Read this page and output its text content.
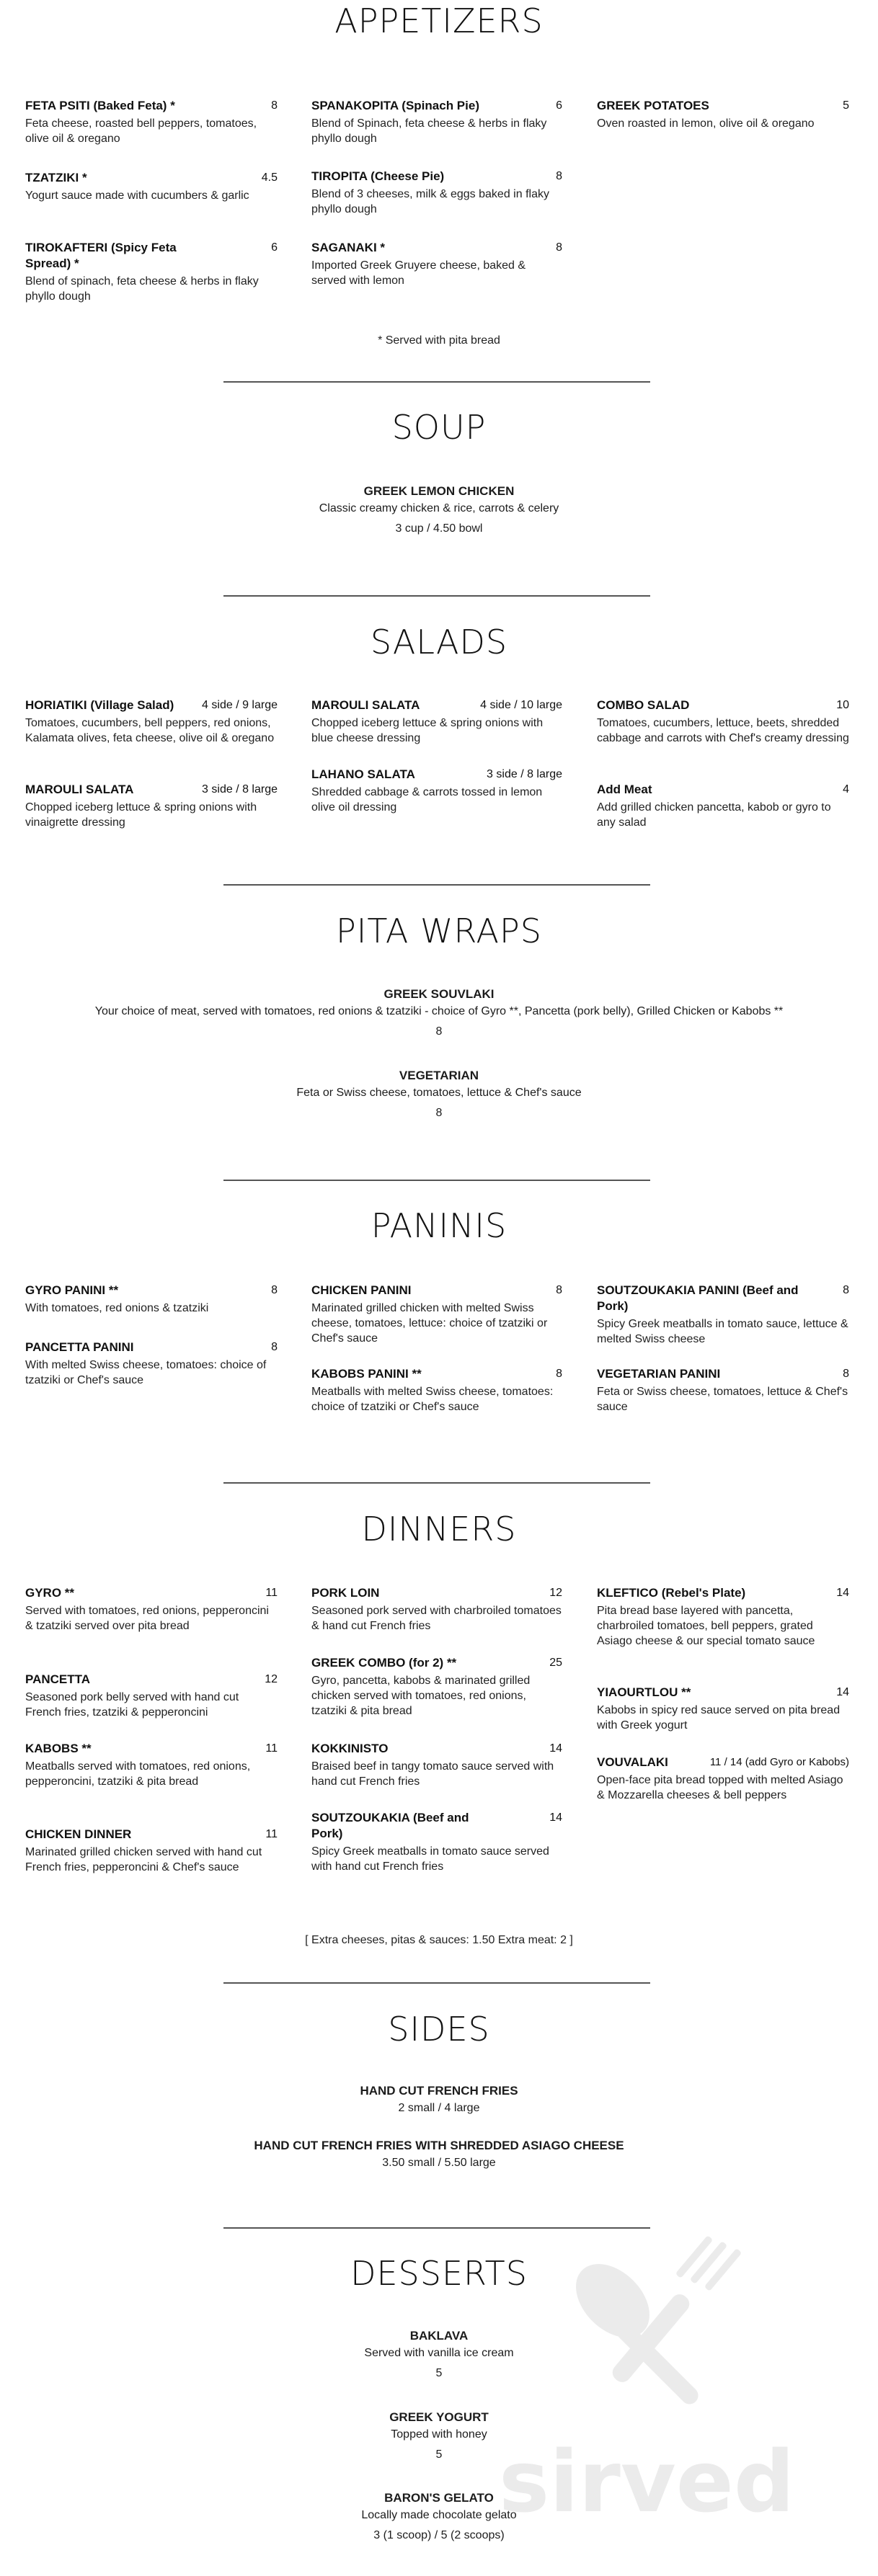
APPETIZERS
FETA PSITI (Baked Feta) *	8
Feta cheese, roasted bell peppers, tomatoes, olive oil & oregano
TZATZIKI *	4.5
Yogurt sauce made with cucumbers & garlic
TIROKAFTERI (Spicy Feta Spread) *
6
Blend of spinach, feta cheese & herbs in flaky phyllo dough
SPANAKOPITA (Spinach Pie)	6
Blend of Spinach, feta cheese & herbs in flaky phyllo dough
TIROPITA (Cheese Pie)	8
Blend of 3 cheeses, milk & eggs baked in flaky phyllo dough
SAGANAKI *	8
Imported Greek Gruyere cheese, baked & served with lemon
GREEK POTATOES	5
Oven roasted in lemon, olive oil & oregano
* Served with pita bread
SOUP
GREEK LEMON CHICKEN
Classic creamy chicken & rice, carrots & celery
3 cup / 4.50 bowl
SALADS
HORIATIKI (Village Salad) 4 side / 9 large
Tomatoes, cucumbers, bell peppers, red onions, Kalamata olives, feta cheese, olive oil & oregano
MAROULI SALATA	3 side / 8 large
Chopped iceberg lettuce & spring onions with vinaigrette dressing
MAROULI SALATA	4 side / 10 large
Chopped iceberg lettuce & spring onions with blue cheese dressing
LAHANO SALATA	3 side / 8 large
Shredded cabbage & carrots tossed in lemon olive oil dressing
COMBO SALAD	10
Tomatoes, cucumbers, lettuce, beets, shredded cabbage and carrots with Chef's creamy dressing
Add Meat	4
Add grilled chicken pancetta, kabob or gyro to any salad
PITA WRAPS
GREEK SOUVLAKI
Your choice of meat, served with tomatoes, red onions & tzatziki - choice of Gyro **, Pancetta (pork belly), Grilled Chicken or Kabobs **
8
VEGETARIAN
Feta or Swiss cheese, tomatoes, lettuce & Chef's sauce
8
PANINIS
GYRO PANINI **	8
With tomatoes, red onions & tzatziki
PANCETTA PANINI	8
With melted Swiss cheese, tomatoes: choice of tzatziki or Chef's sauce
CHICKEN PANINI	8
Marinated grilled chicken with melted Swiss cheese, tomatoes, lettuce: choice of tzatziki or Chef's sauce
KABOBS PANINI **	8
Meatballs with melted Swiss cheese, tomatoes: choice of tzatziki or Chef's sauce
SOUTZOUKAKIA PANINI (Beef and Pork)
8
Spicy Greek meatballs in tomato sauce, lettuce & melted Swiss cheese
VEGETARIAN PANINI	8
Feta or Swiss cheese, tomatoes, lettuce & Chef's sauce
DINNERS
GYRO **	11
Served with tomatoes, red onions, pepperoncini & tzatziki served over pita bread
PANCETTA	12
Seasoned pork belly served with hand cut French fries, tzatziki & pepperoncini
KABOBS **	11
Meatballs served with tomatoes, red onions, pepperoncini, tzatziki & pita bread
CHICKEN DINNER	11
Marinated grilled chicken served with hand cut French fries, pepperoncini & Chef's sauce
PORK LOIN	12
Seasoned pork served with charbroiled tomatoes & hand cut French fries
GREEK COMBO (for 2) **	25
Gyro, pancetta, kabobs & marinated grilled chicken served with tomatoes, red onions, tzatziki & pita bread
KOKKINISTO	14
Braised beef in tangy tomato sauce served with hand cut French fries
SOUTZOUKAKIA (Beef and Pork)
14
Spicy Greek meatballs in tomato sauce served with hand cut French fries
KLEFTICO (Rebel's Plate)	14
Pita bread base layered with pancetta, charbroiled tomatoes, bell peppers, grated Asiago cheese & our special tomato sauce
YIAOURTLOU **	14
Kabobs in spicy red sauce served on pita bread with Greek yogurt
VOUVALAKI	11 / 14 (add Gyro or Kabobs)
Open-face pita bread topped with melted Asiago & Mozzarella cheeses & bell peppers
[ Extra cheeses, pitas & sauces: 1.50 Extra meat: 2 ]
SIDES
HAND CUT FRENCH FRIES
2 small / 4 large
HAND CUT FRENCH FRIES WITH SHREDDED ASIAGO CHEESE
3.50 small / 5.50 large
DESSERTS
BAKLAVA
Served with vanilla ice cream
5
GREEK YOGURT
Topped with honey
5
BARON'S GELATO
Locally made chocolate gelato
3 (1 scoop) / 5 (2 scoops)
sirved
